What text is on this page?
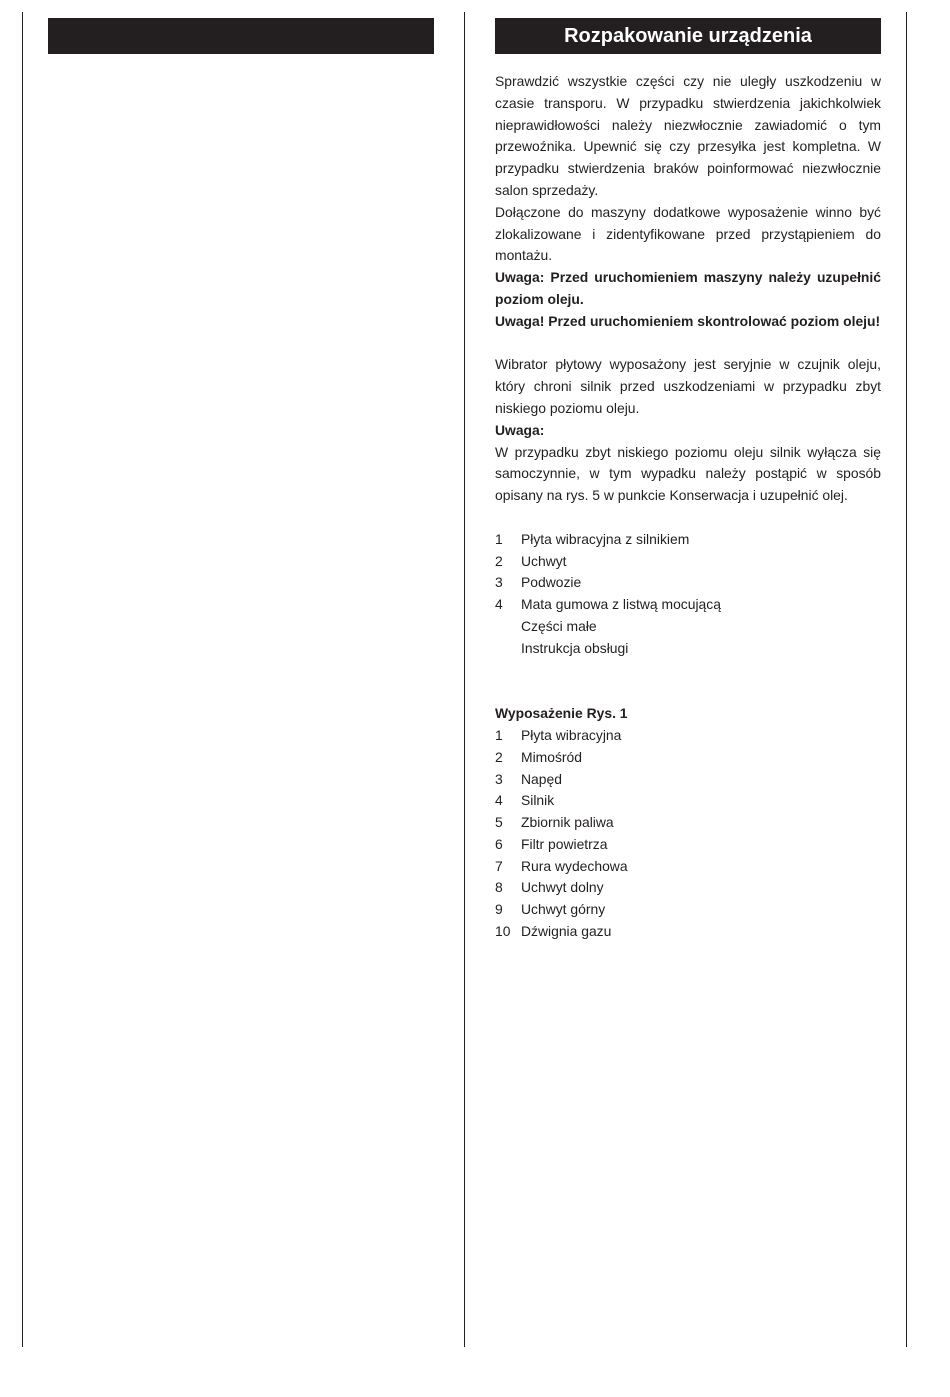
Rozpakowanie urządzenia

Sprawdzić wszystkie części czy nie uległy uszkodzeniu w czasie transporu. W przypadku stwierdzenia jakichkolwiek nieprawidłowości należy niezwłocznie zawiadomić o tym przewoźnika. Upewnić się czy przesyłka jest kompletna. W przypadku stwierdzenia braków poinformować niezwłocznie salon sprzedaży.

Dołączone do maszyny dodatkowe wyposażenie winno być zlokalizowane i zidentyfikowane przed przystąpieniem do montażu.

Uwaga: Przed uruchomieniem maszyny należy uzupełnić poziom oleju.

Uwaga! Przed uruchomieniem skontrolować poziom oleju!

Wibrator płytowy wyposażony jest seryjnie w czujnik oleju, który chroni silnik przed uszkodzeniami w przypadku zbyt niskiego poziomu oleju.

Uwaga:

W przypadku zbyt niskiego poziomu oleju silnik wyłącza się samoczynnie, w tym wypadku należy postąpić w sposób opisany na rys. 5 w punkcie Konserwacja i uzupełnić olej.

1	Płyta wibracyjna z silnikiem
2	Uchwyt
3	Podwozie
4	Mata gumowa z listwą mocującą
Części małe
Instrukcja obsługi

Wyposażenie Rys. 1

1	Płyta wibracyjna
2	Mimośród
3	Napęd
4	Silnik
5	Zbiornik paliwa
6	Filtr powietrza
7	Rura wydechowa
8	Uchwyt dolny
9	Uchwyt górny
10 Dźwignia gazu
